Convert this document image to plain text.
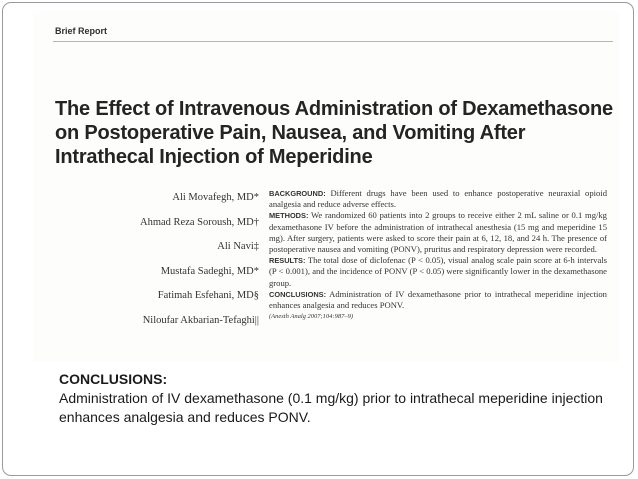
Brief Report
The Effect of Intravenous Administration of Dexamethasone on Postoperative Pain, Nausea, and Vomiting After Intrathecal Injection of Meperidine
Ali Movafegh, MD*
Ahmad Reza Soroush, MD†
Ali Navi‡
Mustafa Sadeghi, MD*
Fatimah Esfehani, MD§
Niloufar Akbarian-Tefaghi||

BACKGROUND: Different drugs have been used to enhance postoperative neuraxial opioid analgesia and reduce adverse effects.

METHODS: We randomized 60 patients into 2 groups to receive either 2 mL saline or 0.1 mg/kg dexamethasone IV before the administration of intrathecal anesthesia (15 mg and meperidine 15 mg). After surgery, patients were asked to score their pain at 6, 12, 18, and 24 h. The presence of postoperative nausea and vomiting (PONV), pruritus and respiratory depression were recorded.

RESULTS: The total dose of diclofenac (P < 0.05), visual analog scale pain score at 6-h intervals (P < 0.001), and the incidence of PONV (P < 0.05) were significantly lower in the dexamethasone group.

CONCLUSIONS: Administration of IV dexamethasone prior to intrathecal meperidine injection enhances analgesia and reduces PONV.

(Anesth Analg 2007;104:987–9)

CONCLUSIONS:

Administration of IV dexamethasone (0.1 mg/kg) prior to intrathecal meperidine injection enhances analgesia and reduces PONV.
